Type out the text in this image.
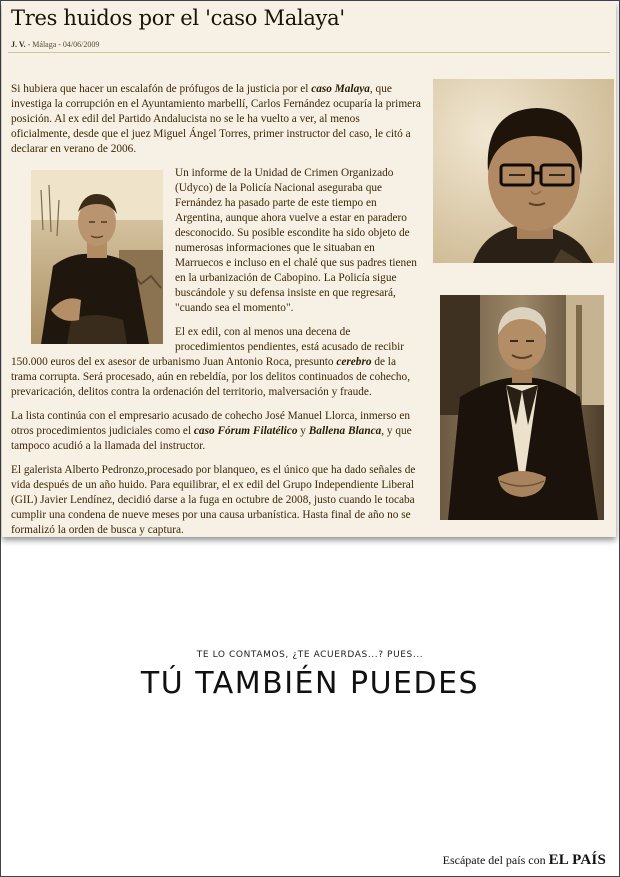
Tres huidos por el 'caso Malaya'
J. V. - Málaga - 04/06/2009

Si hubiera que hacer un escalafón de prófugos de la justicia por el caso Malaya, que investiga la corrupción en el Ayuntamiento marbellí, Carlos Fernández ocuparía la primera posición. Al ex edil del Partido Andalucista no se le ha vuelto a ver, al menos oficialmente, desde que el juez Miguel Ángel Torres, primer instructor del caso, le citó a declarar en verano de 2006.

Un informe de la Unidad de Crimen Organizado (Udyco) de la Policía Nacional aseguraba que Fernández ha pasado parte de este tiempo en Argentina, aunque ahora vuelve a estar en paradero desconocido. Su posible escondite ha sido objeto de numerosas informaciones que le situaban en Marruecos e incluso en el chalé que sus padres tienen en la urbanización de Cabopino. La Policía sigue buscándole y su defensa insiste en que regresará, "cuando sea el momento".

El ex edil, con al menos una decena de procedimientos pendientes, está acusado de recibir 150.000 euros del ex asesor de urbanismo Juan Antonio Roca, presunto cerebro de la trama corrupta. Será procesado, aún en rebeldía, por los delitos continuados de cohecho, prevaricación, delitos contra la ordenación del territorio, malversación y fraude.

La lista continúa con el empresario acusado de cohecho José Manuel Llorca, inmerso en otros procedimientos judiciales como el caso Fórum Filatélico y Ballena Blanca, y que tampoco acudió a la llamada del instructor.

El galerista Alberto Pedronzo,procesado por blanqueo, es el único que ha dado señales de vida después de un año huido. Para equilibrar, el ex edil del Grupo Independiente Liberal (GIL) Javier Lendínez, decidió darse a la fuga en octubre de 2008, justo cuando le tocaba cumplir una condena de nueve meses por una causa urbanística. Hasta final de año no se formalizó la orden de busca y captura.

TE LO CONTAMOS, ¿TE ACUERDAS...? PUES...
TÚ TAMBIÉN PUEDES
Escápate del país con EL PAÍS
